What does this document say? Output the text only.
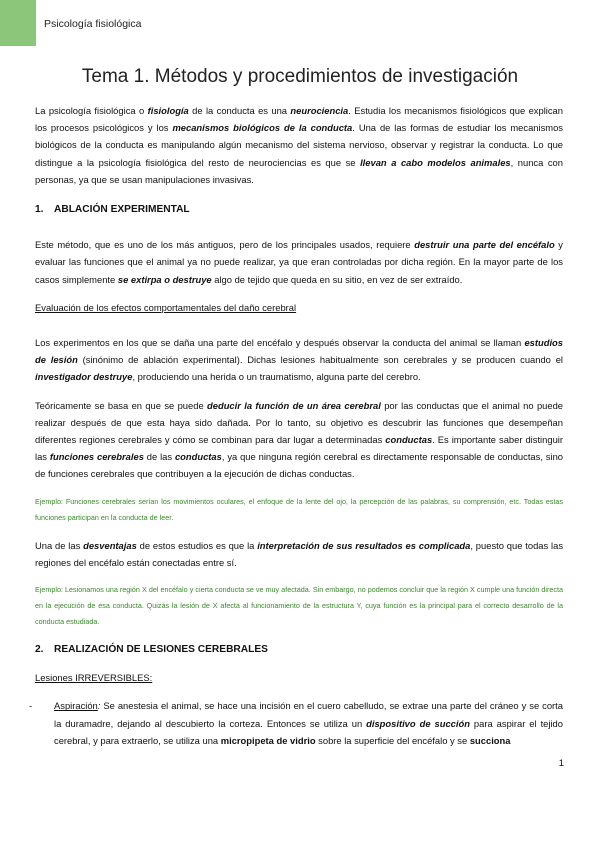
Psicología fisiológica
Tema 1. Métodos y procedimientos de investigación

La psicología fisiológica o fisiología de la conducta es una neurociencia. Estudia los mecanismos fisiológicos que explican los procesos psicológicos y los mecanismos biológicos de la conducta. Una de las formas de estudiar los mecanismos biológicos de la conducta es manipulando algún mecanismo del sistema nervioso, observar y registrar la conducta. Lo que distingue a la psicología fisiológica del resto de neurociencias es que se llevan a cabo modelos animales, nunca con personas, ya que se usan manipulaciones invasivas.

1. ABLACIÓN EXPERIMENTAL

Este método, que es uno de los más antiguos, pero de los principales usados, requiere destruir una parte del encéfalo y evaluar las funciones que el animal ya no puede realizar, ya que eran controladas por dicha región. En la mayor parte de los casos simplemente se extirpa o destruye algo de tejido que queda en su sitio, en vez de ser extraído.

Evaluación de los efectos comportamentales del daño cerebral

Los experimentos en los que se daña una parte del encéfalo y después observar la conducta del animal se llaman estudios de lesión (sinónimo de ablación experimental). Dichas lesiones habitualmente son cerebrales y se producen cuando el investigador destruye, produciendo una herida o un traumatismo, alguna parte del cerebro.

Teóricamente se basa en que se puede deducir la función de un área cerebral por las conductas que el animal no puede realizar después de que esta haya sido dañada. Por lo tanto, su objetivo es descubrir las funciones que desempeñan diferentes regiones cerebrales y cómo se combinan para dar lugar a determinadas conductas. Es importante saber distinguir las funciones cerebrales de las conductas, ya que ninguna región cerebral es directamente responsable de conductas, sino de funciones cerebrales que contribuyen a la ejecución de dichas conductas.

Ejemplo: Funciones cerebrales serían los movimientos oculares, el enfoque de la lente del ojo, la percepción de las palabras, su comprensión, etc. Todas estas funciones participan en la conducta de leer.

Una de las desventajas de estos estudios es que la interpretación de sus resultados es complicada, puesto que todas las regiones del encéfalo están conectadas entre sí.

Ejemplo: Lesionamos una región X del encéfalo y cierta conducta se ve muy afectada. Sin embargo, no podemos concluir que la región X cumple una función directa en la ejecución de esa conducta. Quizás la lesión de X afecta al funcionamiento de la estructura Y, cuya función es la principal para el correcto desarrollo de la conducta estudiada.

2. REALIZACIÓN DE LESIONES CEREBRALES

Lesiones IRREVERSIBLES:

- Aspiración: Se anestesia el animal, se hace una incisión en el cuero cabelludo, se extrae una parte del cráneo y se corta la duramadre, dejando al descubierto la corteza. Entonces se utiliza un dispositivo de succión para aspirar el tejido cerebral, y para extraerlo, se utiliza una micropipeta de vidrio sobre la superficie del encéfalo y se succiona

1
